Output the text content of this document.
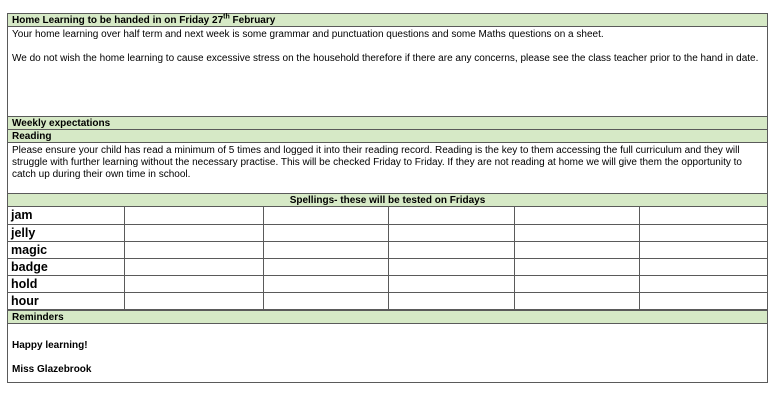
Home Learning to be handed in on Friday 27th February
Your home learning over half term and next week is some grammar and punctuation questions and some Maths questions on a sheet.
We do not wish the home learning to cause excessive stress on the household therefore if there are any concerns, please see the class teacher prior to the hand in date.
Weekly expectations
Reading
Please ensure your child has read a minimum of 5 times and logged it into their reading record. Reading is the key to them accessing the full curriculum and they will struggle with further learning without the necessary practise. This will be checked Friday to Friday. If they are not reading at home we will give them the opportunity to catch up during their own time in school.
Spellings- these will be tested on Fridays
jam					
jelly					
magic					
badge					
hold					
hour					
Reminders
Happy learning!
Miss Glazebrook
